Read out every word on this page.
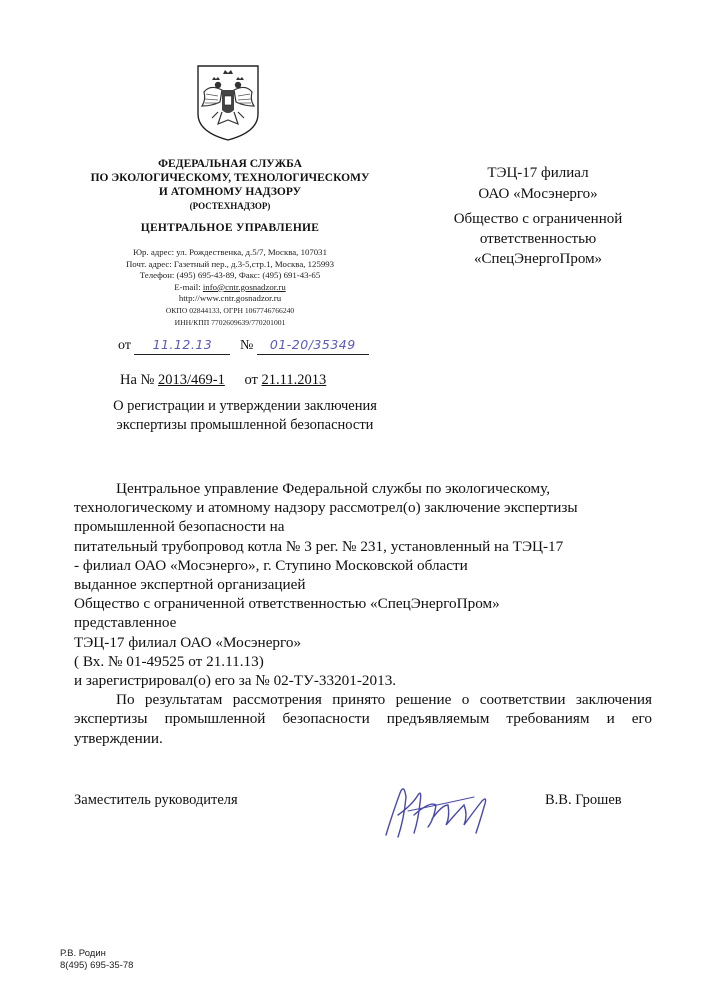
ФЕДЕРАЛЬНАЯ СЛУЖБА
ПО ЭКОЛОГИЧЕСКОМУ, ТЕХНОЛОГИЧЕСКОМУ
И АТОМНОМУ НАДЗОРУ
(РОСТЕХНАДЗОР)
ЦЕНТРАЛЬНОЕ УПРАВЛЕНИЕ
Юр. адрес: ул. Рождественка, д.5/7, Москва, 107031
Почт. адрес: Газетный пер., д.3-5,стр.1, Москва, 125993
Телефон: (495) 695-43-89, Факс: (495) 691-43-65
E-mail: info@cntr.gosnadzor.ru
http://www.cntr.gosnadzor.ru
ОКПО 02844133, ОГРН 1067746766240
ИНН/КПП 7702609639/770201001
от 11.12.13 № 01-20/35349
На № 2013/469-1 от 21.11.2013
О регистрации и утверждении заключения
экспертизы промышленной безопасности
ТЭЦ-17 филиал
ОАО «Мосэнерго»
Общество с ограниченной
ответственностью
«СпецЭнергоПром»
Центральное управление Федеральной службы по экологическому,
технологическому и атомному надзору рассмотрел(о) заключение экспертизы
промышленной безопасности на
питательный трубопровод котла № 3 рег. № 231, установленный на ТЭЦ-17
- филиал ОАО «Мосэнерго», г. Ступино Московской области
выданное экспертной организацией
Общество с ограниченной ответственностью «СпецЭнергоПром»
представленное
ТЭЦ-17 филиал ОАО «Мосэнерго»
( Вх. № 01-49525 от 21.11.13)
и зарегистрировал(о) его за № 02-ТУ-33201-2013.
По результатам рассмотрения принято решение о соответствии заключения экспертизы промышленной безопасности предъявляемым требованиям и его утверждении.
Заместитель руководителя	В.В. Грошев
Р.В. Родин
8(495) 695-35-78
